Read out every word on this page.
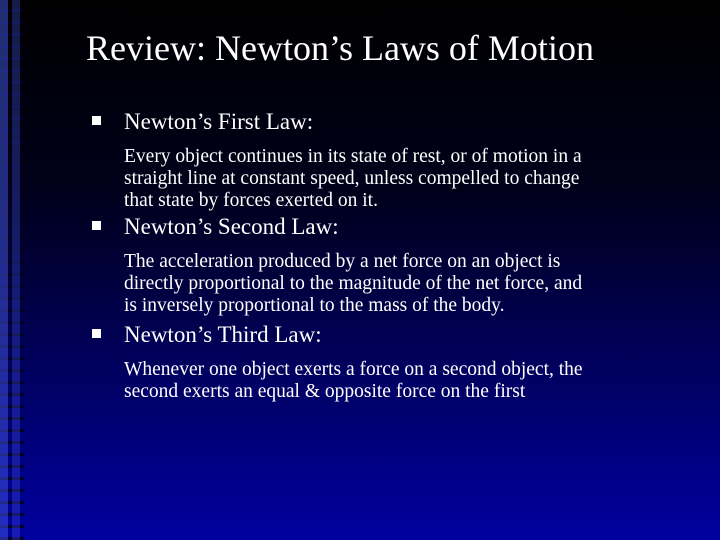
Review: Newton’s Laws of Motion
Newton’s First Law:
Every object continues in its state of rest, or of motion in a
straight line at constant speed, unless compelled to change
that state by forces exerted on it.
Newton’s Second Law:
The acceleration produced by a net force on an object is
directly proportional to the magnitude of the net force, and
is inversely proportional to the mass of the body.
Newton’s Third Law:
Whenever one object exerts a force on a second object, the
second exerts an equal & opposite force on the first
